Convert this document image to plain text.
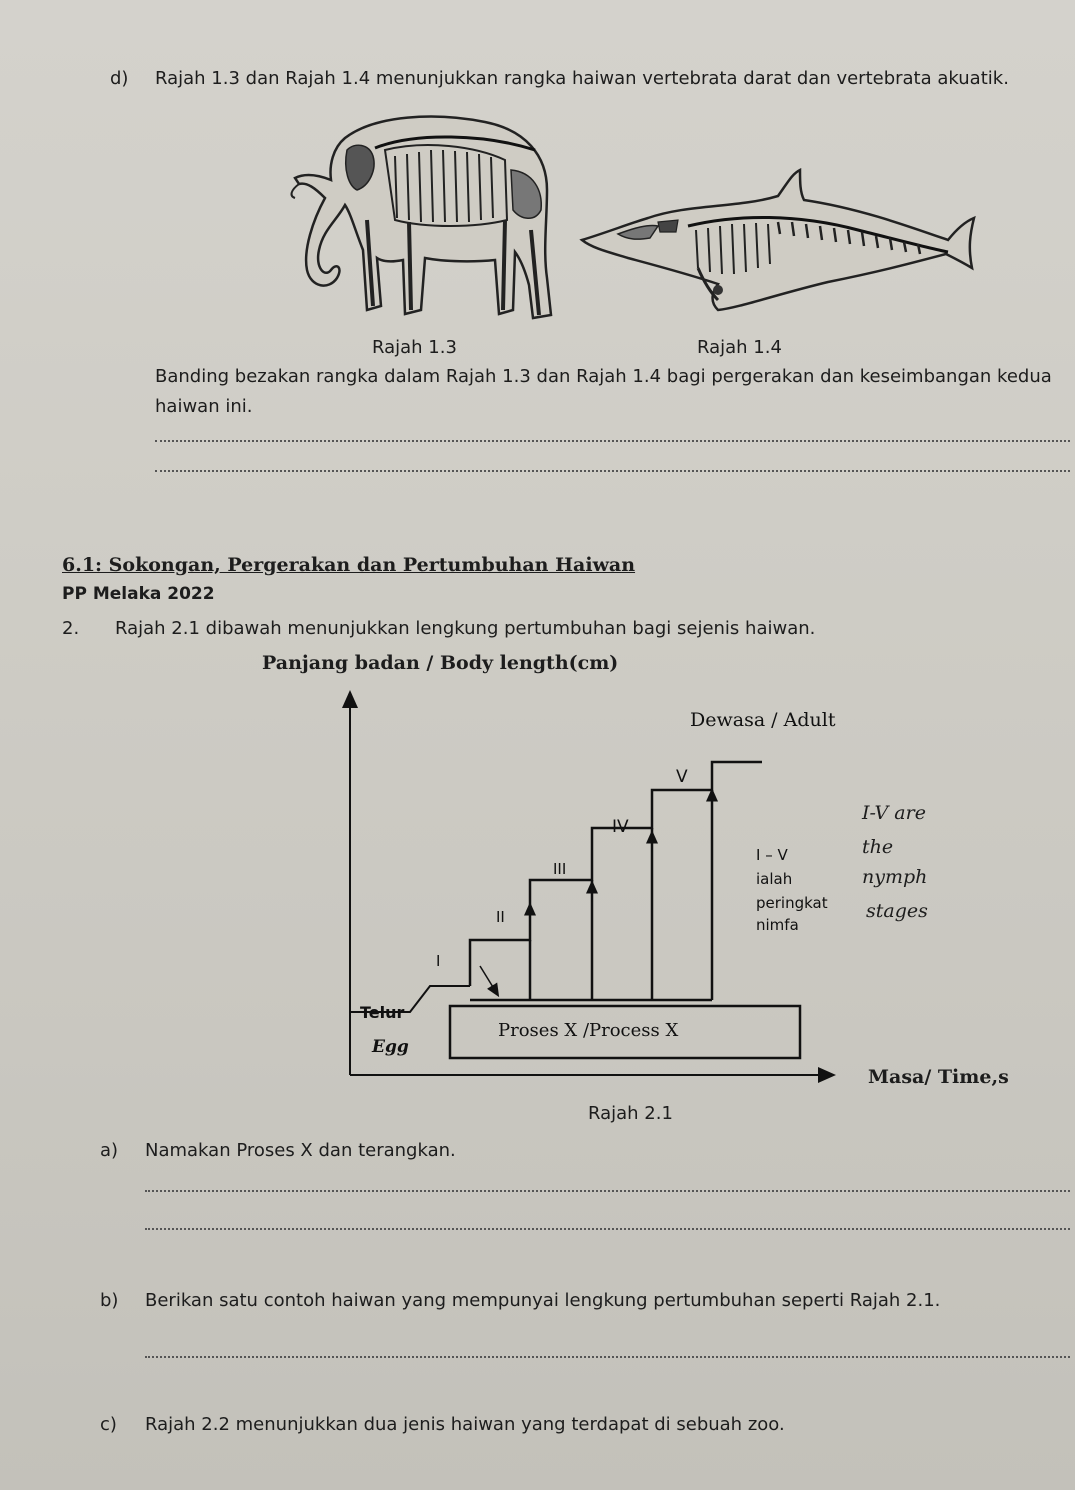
d) Rajah 1.3 dan Rajah 1.4 menunjukkan rangka haiwan vertebrata darat dan vertebrata akuatik.
Rajah 1.3	Rajah 1.4
Banding bezakan rangka dalam Rajah 1.3 dan Rajah 1.4 bagi pergerakan dan keseimbangan kedua
haiwan ini.
6.1: Sokongan, Pergerakan dan Pertumbuhan Haiwan
PP Melaka 2022
2. Rajah 2.1 dibawah menunjukkan lengkung pertumbuhan bagi sejenis haiwan.
Panjang badan / Body length(cm)
I
II
III
IV
V
Dewasa / Adult
Telur
Egg
Proses X /Process X
I – V
ialah
peringkat
nimfa
I-V are
the
nymph
stages
Masa/ Time,s
Rajah 2.1
a) Namakan Proses X dan terangkan.
b) Berikan satu contoh haiwan yang mempunyai lengkung pertumbuhan seperti Rajah 2.1.
c) Rajah 2.2 menunjukkan dua jenis haiwan yang terdapat di sebuah zoo.
